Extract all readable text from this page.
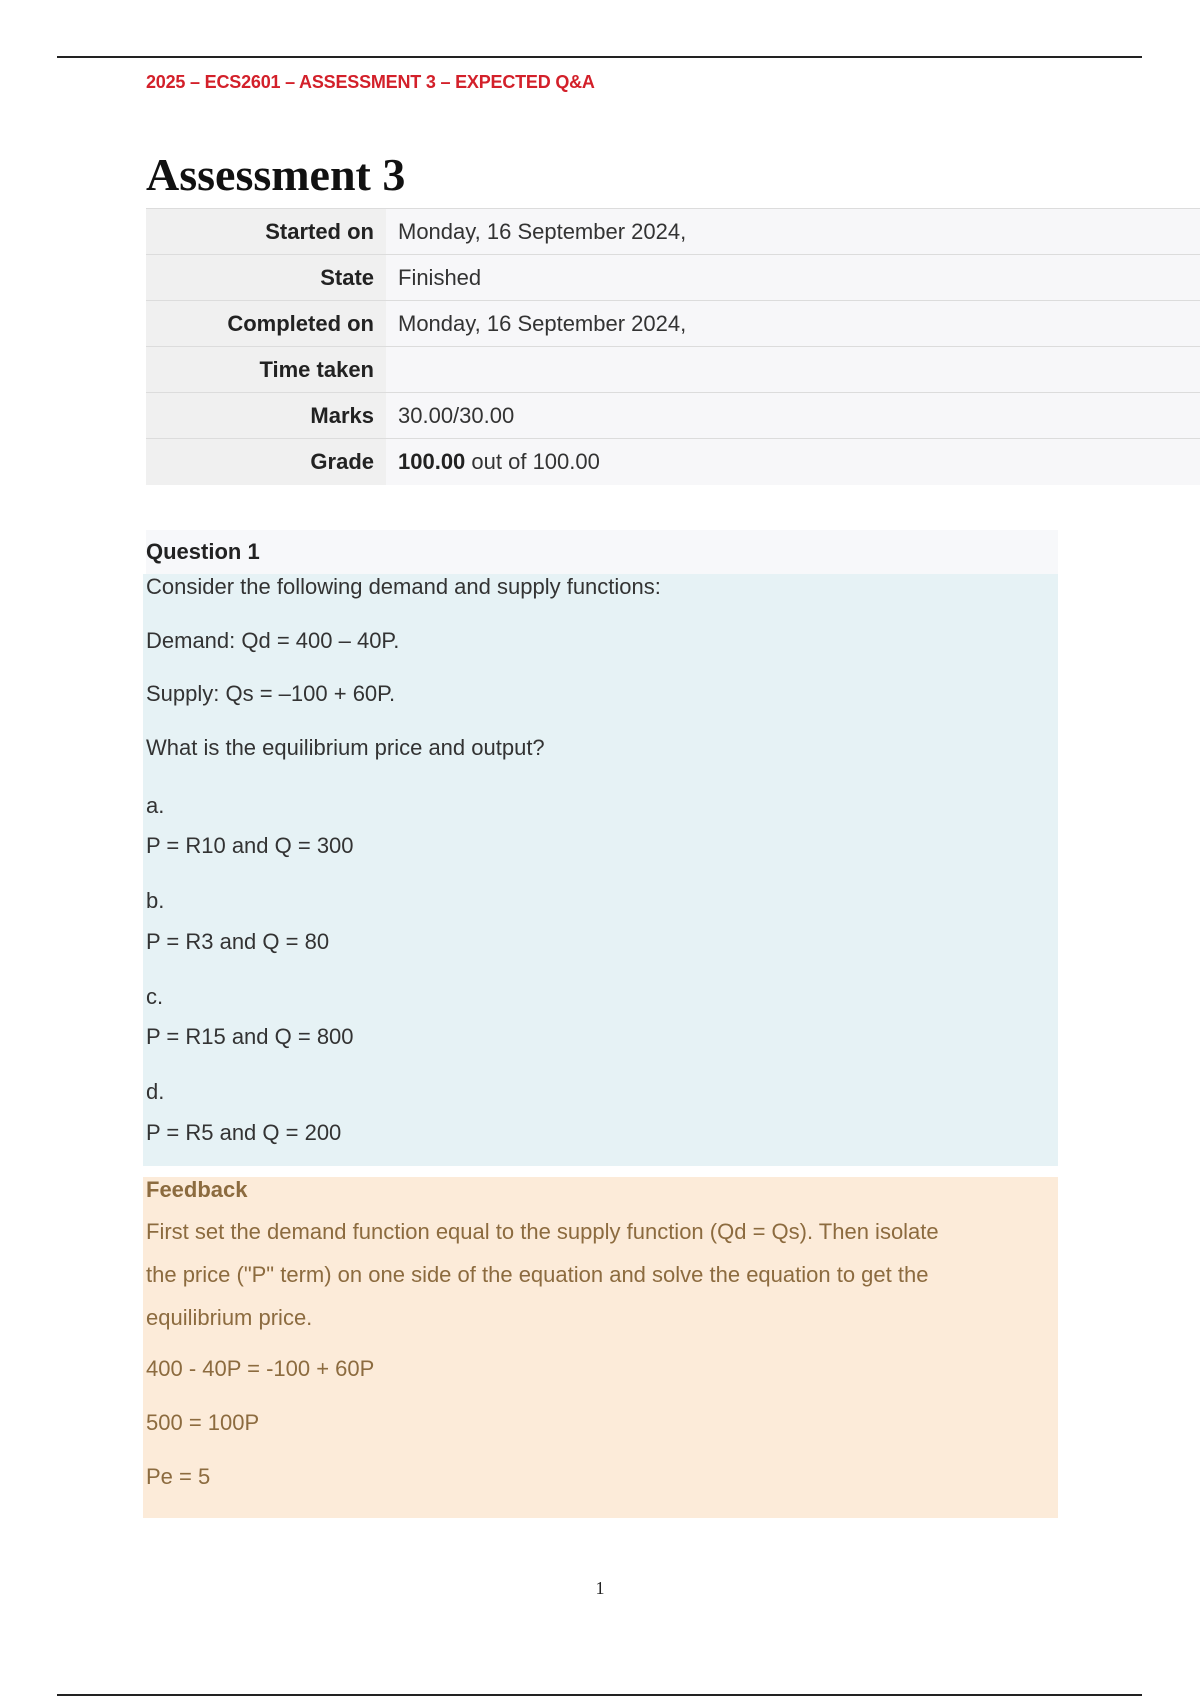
2025 – ECS2601 – ASSESSMENT 3 – EXPECTED Q&A
Assessment 3
Started on	Monday, 16 September 2024,
State	Finished
Completed on	Monday, 16 September 2024,
Time taken	
Marks	30.00/30.00
Grade	100.00 out of 100.00
Question 1

Consider the following demand and supply functions:

Demand: Qd = 400 – 40P.

Supply: Qs = –100 + 60P.

What is the equilibrium price and output?

a.

P = R10 and Q = 300

b.

P = R3 and Q = 80

c.

P = R15 and Q = 800

d.

P = R5 and Q = 200

Feedback

First set the demand function equal to the supply function (Qd = Qs). Then isolate

the price ("P" term) on one side of the equation and solve the equation to get the

equilibrium price.

400 - 40P = -100 + 60P

500 = 100P

Pe = 5

1
